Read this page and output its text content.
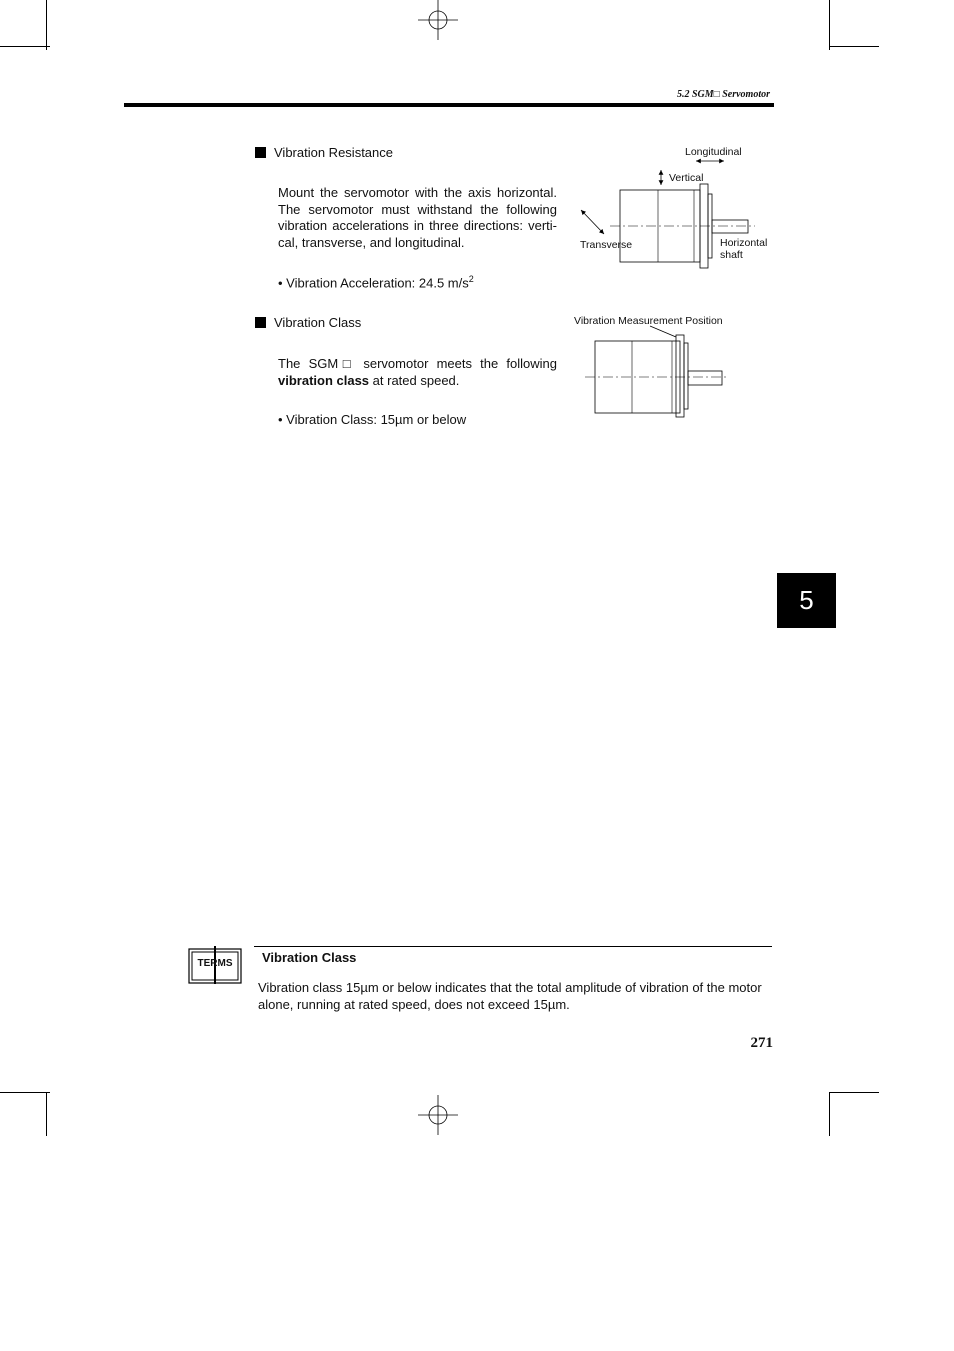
5.2 SGM□ Servomotor
Vibration Resistance
Mount the servomotor with the axis horizontal. The servomotor must withstand the following vibration accelerations in three directions: verti-cal, transverse, and longitudinal.
• Vibration Acceleration: 24.5 $m/s^2$
Longitudinal
Vertical
Transverse	Horizontal
shaft
Vibration Class
The SGM□ servomotor meets the following vibration class at rated speed.
• Vibration Class: 15µm or below
Vibration Measurement Position
5
TERMS	Vibration Class
Vibration class 15µm or below indicates that the total amplitude of vibration of the motor alone, running at rated speed, does not exceed 15µm.
271
